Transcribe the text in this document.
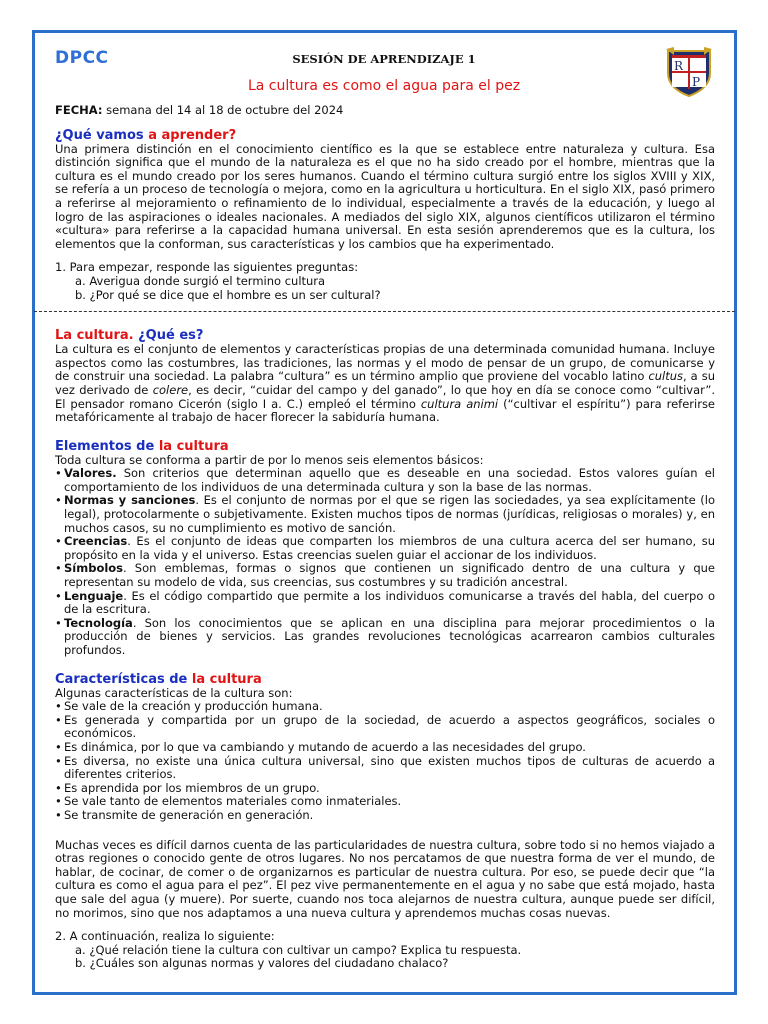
DPCC	SESIÓN DE APRENDIZAJE 1
La cultura es como el agua para el pez
R
P

FECHA: semana del 14 al 18 de octubre del 2024

¿Qué vamos a aprender?

Una primera distinción en el conocimiento científico es la que se establece entre naturaleza y cultura. Esa distinción significa que el mundo de la naturaleza es el que no ha sido creado por el hombre, mientras que la cultura es el mundo creado por los seres humanos. Cuando el término cultura surgió entre los siglos XVIII y XIX, se refería a un proceso de tecnología o mejora, como en la agricultura u horticultura. En el siglo XIX, pasó primero a referirse al mejoramiento o refinamiento de lo individual, especialmente a través de la educación, y luego al logro de las aspiraciones o ideales nacionales. A mediados del siglo XIX, algunos científicos utilizaron el término «cultura» para referirse a la capacidad humana universal. En esta sesión aprenderemos que es la cultura, los elementos que la conforman, sus características y los cambios que ha experimentado.

1. Para empezar, responde las siguientes preguntas:
a. Averigua donde surgió el termino cultura
b. ¿Por qué se dice que el hombre es un ser cultural?
La cultura. ¿Qué es?

La cultura es el conjunto de elementos y características propias de una determinada comunidad humana. Incluye aspectos como las costumbres, las tradiciones, las normas y el modo de pensar de un grupo, de comunicarse y de construir una sociedad. La palabra “cultura” es un término amplio que proviene del vocablo latino cultus, a su vez derivado de colere, es decir, “cuidar del campo y del ganado”, lo que hoy en día se conoce como “cultivar”. El pensador romano Cicerón (siglo I a. C.) empleó el término cultura animi (“cultivar el espíritu”) para referirse metafóricamente al trabajo de hacer florecer la sabiduría humana.

Elementos de la cultura
Toda cultura se conforma a partir de por lo menos seis elementos básicos:
• Valores. Son criterios que determinan aquello que es deseable en una sociedad. Estos valores guían el comportamiento de los individuos de una determinada cultura y son la base de las normas.
• Normas y sanciones. Es el conjunto de normas por el que se rigen las sociedades, ya sea explícitamente (lo legal), protocolarmente o subjetivamente. Existen muchos tipos de normas (jurídicas, religiosas o morales) y, en muchos casos, su no cumplimiento es motivo de sanción.
• Creencias. Es el conjunto de ideas que comparten los miembros de una cultura acerca del ser humano, su propósito en la vida y el universo. Estas creencias suelen guiar el accionar de los individuos.
• Símbolos. Son emblemas, formas o signos que contienen un significado dentro de una cultura y que representan su modelo de vida, sus creencias, sus costumbres y su tradición ancestral.
• Lenguaje. Es el código compartido que permite a los individuos comunicarse a través del habla, del cuerpo o de la escritura.
• Tecnología. Son los conocimientos que se aplican en una disciplina para mejorar procedimientos o la producción de bienes y servicios. Las grandes revoluciones tecnológicas acarrearon cambios culturales profundos.
Características de la cultura
Algunas características de la cultura son:
• Se vale de la creación y producción humana.
• Es generada y compartida por un grupo de la sociedad, de acuerdo a aspectos geográficos, sociales o económicos.
• Es dinámica, por lo que va cambiando y mutando de acuerdo a las necesidades del grupo.
• Es diversa, no existe una única cultura universal, sino que existen muchos tipos de culturas de acuerdo a diferentes criterios.
• Es aprendida por los miembros de un grupo.
• Se vale tanto de elementos materiales como inmateriales.
• Se transmite de generación en generación.

Muchas veces es difícil darnos cuenta de las particularidades de nuestra cultura, sobre todo si no hemos viajado a otras regiones o conocido gente de otros lugares. No nos percatamos de que nuestra forma de ver el mundo, de hablar, de cocinar, de comer o de organizarnos es particular de nuestra cultura. Por eso, se puede decir que “la cultura es como el agua para el pez”. El pez vive permanentemente en el agua y no sabe que está mojado, hasta que sale del agua (y muere). Por suerte, cuando nos toca alejarnos de nuestra cultura, aunque puede ser difícil, no morimos, sino que nos adaptamos a una nueva cultura y aprendemos muchas cosas nuevas.

2. A continuación, realiza lo siguiente:
a. ¿Qué relación tiene la cultura con cultivar un campo? Explica tu respuesta.
b. ¿Cuáles son algunas normas y valores del ciudadano chalaco?
